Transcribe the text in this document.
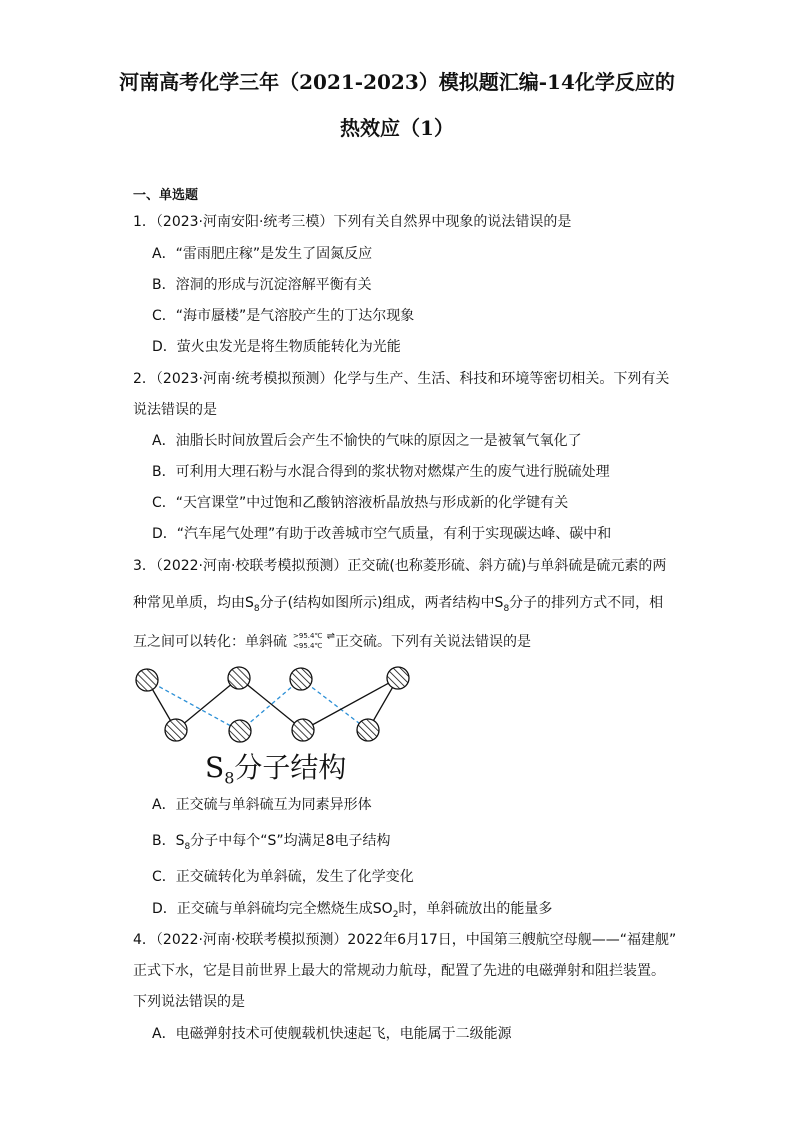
河南高考化学三年（2021-2023）模拟题汇编-14化学反应的
热效应（1）
一、单选题
1．（2023·河南安阳·统考三模）下列有关自然界中现象的说法错误的是
A．“雷雨肥庄稼”是发生了固氮反应
B．溶洞的形成与沉淀溶解平衡有关
C．“海市蜃楼”是气溶胶产生的丁达尔现象
D．萤火虫发光是将生物质能转化为光能
2．（2023·河南·统考模拟预测）化学与生产、生活、科技和环境等密切相关。下列有关
说法错误的是
A．油脂长时间放置后会产生不愉快的气味的原因之一是被氧气氧化了
B．可利用大理石粉与水混合得到的浆状物对燃煤产生的废气进行脱硫处理
C．“天宫课堂”中过饱和乙酸钠溶液析晶放热与形成新的化学键有关
D．“汽车尾气处理”有助于改善城市空气质量，有利于实现碳达峰、碳中和
3．（2022·河南·校联考模拟预测）正交硫(也称菱形硫、斜方硫)与单斜硫是硫元素的两
种常见单质，均由$S_8$分子(结构如图所示)组成，两者结构中$S_8$分子的排列方式不同，相
互之间可以转化：单斜硫	⇌
>95.4℃
<95.4℃ 正交硫。下列有关说法错误的是
$S_8$分子结构
A．正交硫与单斜硫互为同素异形体
B．$S_8$分子中每个“S”均满足8电子结构
C．正交硫转化为单斜硫，发生了化学变化
D．正交硫与单斜硫均完全燃烧生成$SO_2$时，单斜硫放出的能量多
4．（2022·河南·校联考模拟预测）2022年6月17日，中国第三艘航空母舰——“福建舰”
正式下水，它是目前世界上最大的常规动力航母，配置了先进的电磁弹射和阻拦装置。
下列说法错误的是
A．电磁弹射技术可使舰载机快速起飞，电能属于二级能源
